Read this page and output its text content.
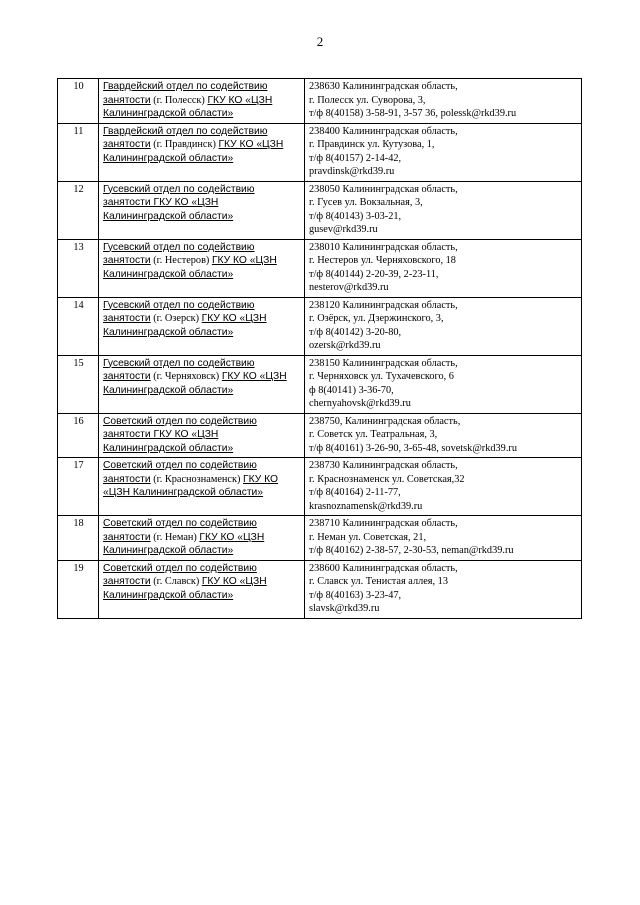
2
10	Гвардейский отдел по содействию
занятости (г. Полесск) ГКУ КО «ЦЗН
Калининградской области»	238630 Калининградская область,
г. Полесск ул. Суворова, 3,
т/ф 8(40158) 3-58-91, 3-57 36, polessk@rkd39.ru

11	Гвардейский отдел по содействию
занятости (г. Правдинск) ГКУ КО «ЦЗН
Калининградской области»	238400 Калининградская область,
г. Правдинск ул. Кутузова, 1,
т/ф 8(40157) 2-14-42,
pravdinsk@rkd39.ru

12	Гусевский отдел по содействию
занятости ГКУ КО «ЦЗН
Калининградской области»	238050 Калининградская область,
г. Гусев ул. Вокзальная, 3,
т/ф 8(40143) 3-03-21,
gusev@rkd39.ru

13	Гусевский отдел по содействию
занятости (г. Нестеров) ГКУ КО «ЦЗН
Калининградской области»	238010 Калининградская область,
г. Нестеров ул. Черняховского, 18
т/ф 8(40144) 2-20-39, 2-23-11,
nesterov@rkd39.ru

14	Гусевский отдел по содействию
занятости (г. Озерск) ГКУ КО «ЦЗН
Калининградской области»	238120 Калининградская область,
г. Озёрск, ул. Дзержинского, 3,
т/ф 8(40142) 3-20-80,
ozersk@rkd39.ru

15	Гусевский отдел по содействию
занятости (г. Черняховск) ГКУ КО «ЦЗН
Калининградской области»	238150 Калининградская область,
г. Черняховск ул. Тухачевского, 6
ф 8(40141) 3-36-70,
chernyahovsk@rkd39.ru

16	Советский отдел по содействию
занятости ГКУ КО «ЦЗН
Калининградской области»	238750, Калининградская область,
г. Советск ул. Театральная, 3,
т/ф 8(40161) 3-26-90, 3-65-48, sovetsk@rkd39.ru

17	Советский отдел по содействию
занятости (г. Краснознаменск) ГКУ КО
«ЦЗН Калининградской области»	238730 Калининградская область,
г. Краснознаменск ул. Советская,32
т/ф 8(40164) 2-11-77,
krasnoznamensk@rkd39.ru

18	Советский отдел по содействию
занятости (г. Неман) ГКУ КО «ЦЗН
Калининградской области»	238710 Калининградская область,
г. Неман ул. Советская, 21,
т/ф 8(40162) 2-38-57, 2-30-53, neman@rkd39.ru

19	Советский отдел по содействию
занятости (г. Славск) ГКУ КО «ЦЗН
Калининградской области»	238600 Калининградская область,
г. Славск ул. Тенистая аллея, 13
т/ф 8(40163) 3-23-47,
slavsk@rkd39.ru
